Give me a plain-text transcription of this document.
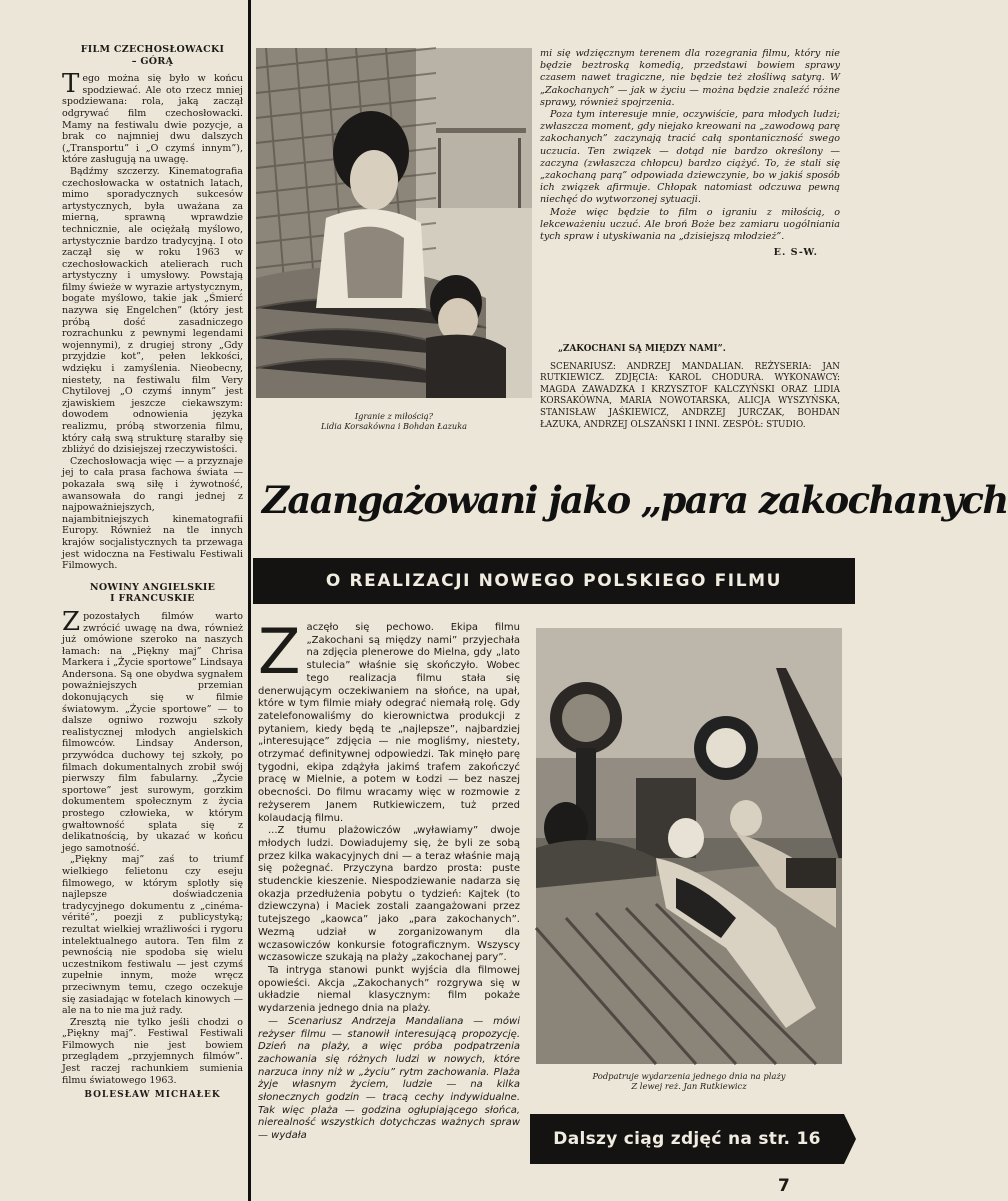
FILM CZECHOSŁOWACKI
– GÓRĄ

Tego można się było w końcu spodziewać. Ale oto rzecz mniej spodziewana: rola, jaką zaczął odgrywać film czechosłowacki. Mamy na festiwalu dwie pozycje, a brak co najmniej dwu dalszych („Transportu” i „O czymś innym”), które zasługują na uwagę.

Bądźmy szczerzy. Kinematografia czechosłowacka w ostatnich latach, mimo sporadycznych sukcesów artystycznych, była uważana za mierną, sprawną wprawdzie technicznie, ale ociężałą myślowo, artystycznie bardzo tradycyjną. I oto zaczął się w roku 1963 w czechosłowackich atelierach ruch artystyczny i umysłowy. Powstają filmy świeże w wyrazie artystycznym, bogate myślowo, takie jak „Śmierć nazywa się Engelchen” (który jest próbą dość zasadniczego rozrachunku z pewnymi legendami wojennymi), z drugiej strony „Gdy przyjdzie kot”, pełen lekkości, wdzięku i zamyślenia. Nieobecny, niestety, na festiwalu film Very Chytilovej „O czymś innym” jest zjawiskiem jeszcze ciekawszym: dowodem odnowienia języka realizmu, próbą stworzenia filmu, który całą swą strukturę starałby się zbliżyć do dzisiejszej rzeczywistości.

Czechosłowacja więc — a przyznaje jej to cała prasa fachowa świata — pokazała swą siłę i żywotność, awansowała do rangi jednej z najpoważniejszych, najambitniejszych kinematografii Europy. Również na tle innych krajów socjalistycznych ta przewaga jest widoczna na Festiwalu Festiwali Filmowych.

NOWINY ANGIELSKIE
I FRANCUSKIE

Zpozostałych filmów warto zwrócić uwagę na dwa, również już omówione szeroko na naszych łamach: na „Piękny maj” Chrisa Markera i „Życie sportowe” Lindsaya Andersona. Są one obydwa sygnałem poważniejszych przemian dokonujących się w filmie światowym. „Życie sportowe” — to dalsze ogniwo rozwoju szkoły realistycznej młodych angielskich filmowców. Lindsay Anderson, przywódca duchowy tej szkoły, po filmach dokumentalnych zrobił swój pierwszy film fabularny. „Życie sportowe” jest surowym, gorzkim dokumentem społecznym z życia prostego człowieka, w którym gwałtowność splata się z delikatnością, by ukazać w końcu jego samotność.

„Piękny maj” zaś to triumf wielkiego felietonu czy eseju filmowego, w którym splotły się najlepsze doświadczenia tradycyjnego dokumentu z „cinéma-vérité”, poezji z publicystyką; rezultat wielkiej wrażliwości i rygoru intelektualnego autora. Ten film z pewnością nie spodoba się wielu uczestnikom festiwalu — jest czymś zupełnie innym, może wręcz przeciwnym temu, czego oczekuje się zasiadając w fotelach kinowych — ale na to nie ma już rady.

Zresztą nie tylko jeśli chodzi o „Piękny maj”. Festiwal Festiwali Filmowych nie jest bowiem przeglądem „przyjemnych filmów”. Jest raczej rachunkiem sumienia filmu światowego 1963.

BOLESŁAW MICHAŁEK
Igranie z miłością?
Lidia Korsakówna i Bohdan Łazuka

mi się wdzięcznym terenem dla rozegrania filmu, który nie będzie beztroską komedią, przedstawi bowiem sprawy czasem nawet tragiczne, nie będzie też złośliwą satyrą. W „Zakochanych” — jak w życiu — można będzie znaleźć różne sprawy, również spojrzenia.

Poza tym interesuje mnie, oczywiście, para młodych ludzi; zwłaszcza moment, gdy niejako kreowani na „zawodową parę zakochanych” zaczynają tracić całą spontaniczność swego uczucia. Ten związek — dotąd nie bardzo określony — zaczyna (zwłaszcza chłopcu) bardzo ciążyć. To, że stali się „zakochaną parą” odpowiada dziewczynie, bo w jakiś sposób ich związek afirmuje. Chłopak natomiast odczuwa pewną niechęć do wytworzonej sytuacji.

Może więc będzie to film o igraniu z miłością, o lekceważeniu uczuć. Ale broń Boże bez zamiaru uogólniania tych spraw i utyskiwania na „dzisiejszą młodzież”.

E. S-W.
„ZAKOCHANI SĄ MIĘDZY NAMI”.

SCENARIUSZ: ANDRZEJ MANDALIAN. REŻYSERIA: JAN RUTKIEWICZ. ZDJĘCIA: KAROL CHODURA. WYKONAWCY: MAGDA ZAWADZKA I KRZYSZTOF KALCZYŃSKI ORAZ LIDIA KORSAKÓWNA, MARIA NOWOTARSKA, ALICJA WYSZYŃSKA, STANISŁAW JAŚKIEWICZ, ANDRZEJ JURCZAK, BOHDAN ŁAZUKA, ANDRZEJ OLSZAŃSKI I INNI. ZESPÓŁ: STUDIO.

Zaangażowani jako „para zakochanych
O REALIZACJI NOWEGO POLSKIEGO FILMU

Zaczęło się pechowo. Ekipa filmu „Zakochani są między nami” przyjechała na zdjęcia plenerowe do Mielna, gdy „lato stulecia” właśnie się skończyło. Wobec tego realizacja filmu stała się denerwującym oczekiwaniem na słońce, na upał, które w tym filmie miały odegrać niemałą rolę. Gdy zatelefonowaliśmy do kierownictwa produkcji z pytaniem, kiedy będą te „najlepsze”, najbardziej „interesujące” zdjęcia — nie mogliśmy, niestety, otrzymać definitywnej odpowiedzi. Tak minęło parę tygodni, ekipa zdążyła jakimś trafem zakończyć pracę w Mielnie, a potem w Łodzi — bez naszej obecności. Do filmu wracamy więc w rozmowie z reżyserem Janem Rutkiewiczem, tuż przed kolaudacją filmu.

...Z tłumu plażowiczów „wyławiamy” dwoje młodych ludzi. Dowiadujemy się, że byli ze sobą przez kilka wakacyjnych dni — a teraz właśnie mają się pożegnać. Przyczyna bardzo prosta: puste studenckie kieszenie. Niespodziewanie nadarza się okazja przedłużenia pobytu o tydzień: Kajtek (to dziewczyna) i Maciek zostali zaangażowani przez tutejszego „kaowca” jako „para zakochanych”. Wezmą udział w zorganizowanym dla wczasowiczów konkursie fotograficznym. Wszyscy wczasowicze szukają na plaży „zakochanej pary”.

Ta intryga stanowi punkt wyjścia dla filmowej opowieści. Akcja „Zakochanych” rozgrywa się w układzie niemal klasycznym: film pokaże wydarzenia jednego dnia na plaży.

— Scenariusz Andrzeja Mandaliana — mówi reżyser filmu — stanowił interesującą propozycję. Dzień na plaży, a więc próba podpatrzenia zachowania się różnych ludzi w nowych, które narzuca inny niż w „życiu” rytm zachowania. Plaża żyje własnym życiem, ludzie — na kilka słonecznych godzin — tracą cechy indywidualne. Tak więc plaża — godzina ogłupiającego słońca, nierealność wszystkich dotychczas ważnych spraw — wydała

Podpatruje wydarzenia jednego dnia na plaży
Z lewej reż. Jan Rutkiewicz
Dalszy ciąg zdjęć na str. 16
7
